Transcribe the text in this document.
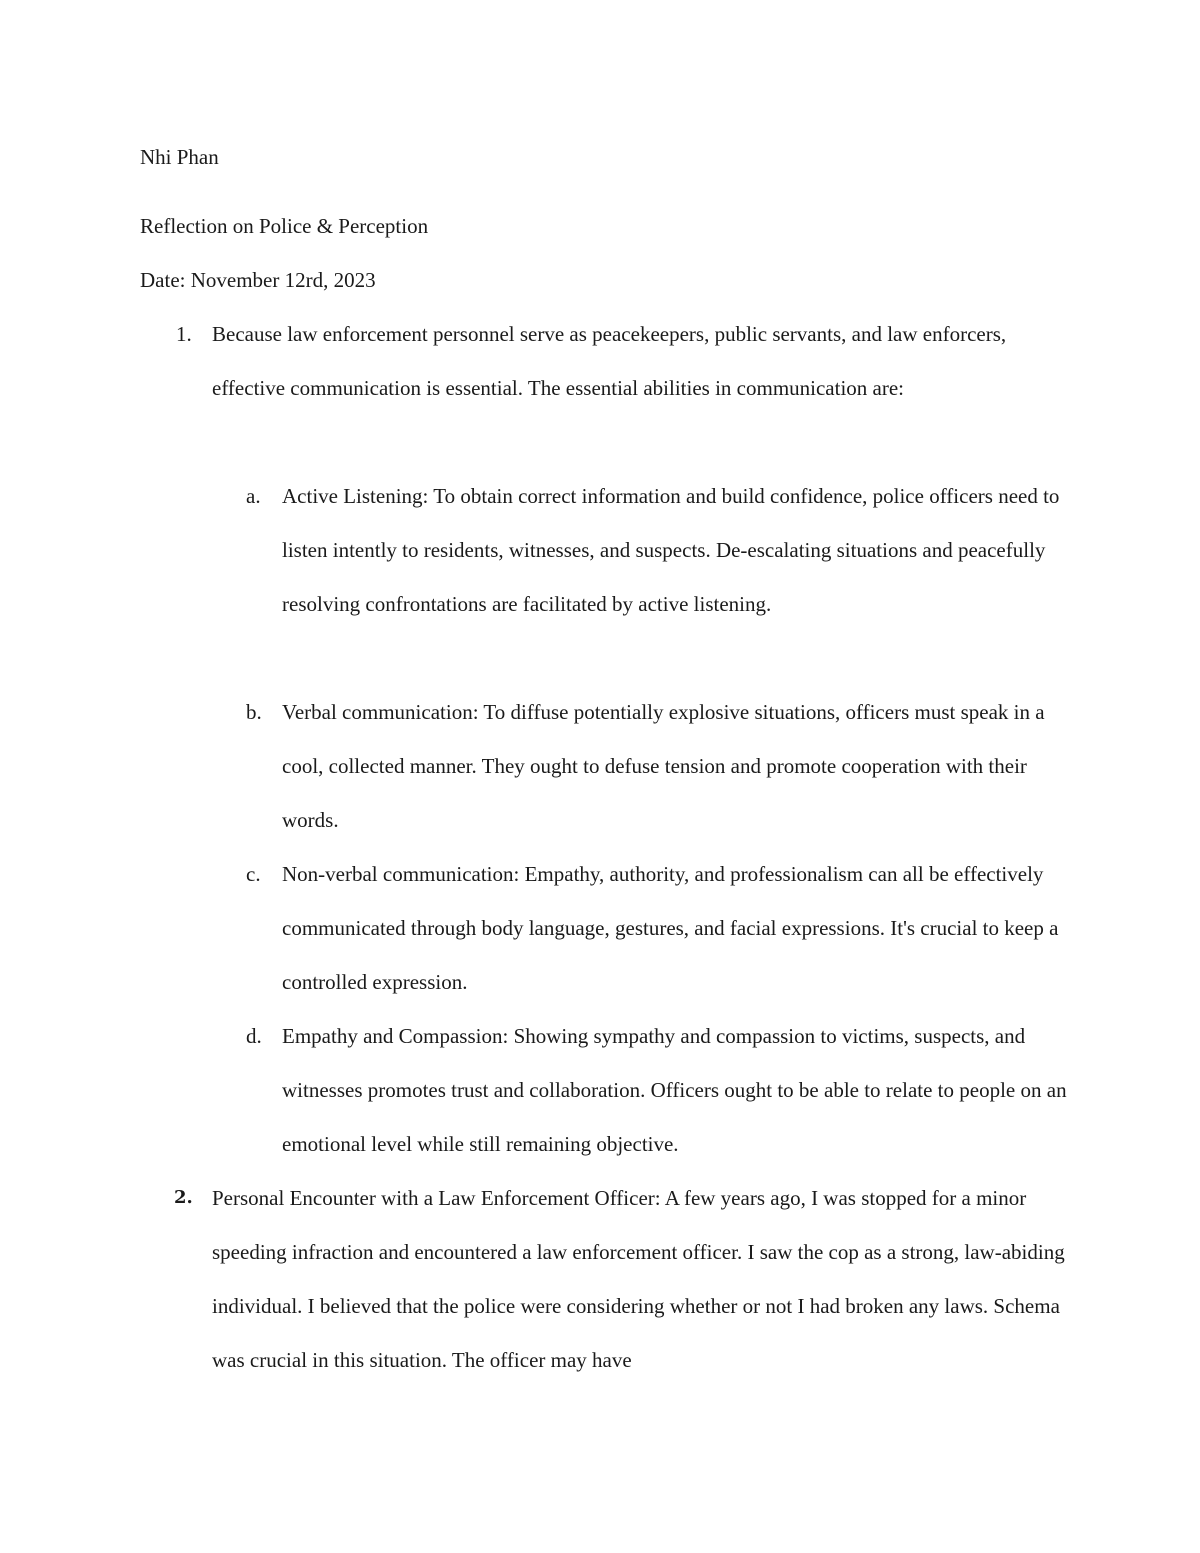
Nhi Phan
Reflection on Police & Perception
Date: November 12rd, 2023
1. Because law enforcement personnel serve as peacekeepers, public servants, and law enforcers, effective communication is essential. The essential abilities in communication are:
a. Active Listening: To obtain correct information and build confidence, police officers need to listen intently to residents, witnesses, and suspects. De-escalating situations and peacefully resolving confrontations are facilitated by active listening.
b. Verbal communication: To diffuse potentially explosive situations, officers must speak in a cool, collected manner. They ought to defuse tension and promote cooperation with their words.
c. Non-verbal communication: Empathy, authority, and professionalism can all be effectively communicated through body language, gestures, and facial expressions. It's crucial to keep a controlled expression.
d. Empathy and Compassion: Showing sympathy and compassion to victims, suspects, and witnesses promotes trust and collaboration. Officers ought to be able to relate to people on an emotional level while still remaining objective.
2. Personal Encounter with a Law Enforcement Officer: A few years ago, I was stopped for a minor speeding infraction and encountered a law enforcement officer. I saw the cop as a strong, law-abiding individual. I believed that the police were considering whether or not I had broken any laws. Schema was crucial in this situation. The officer may have
